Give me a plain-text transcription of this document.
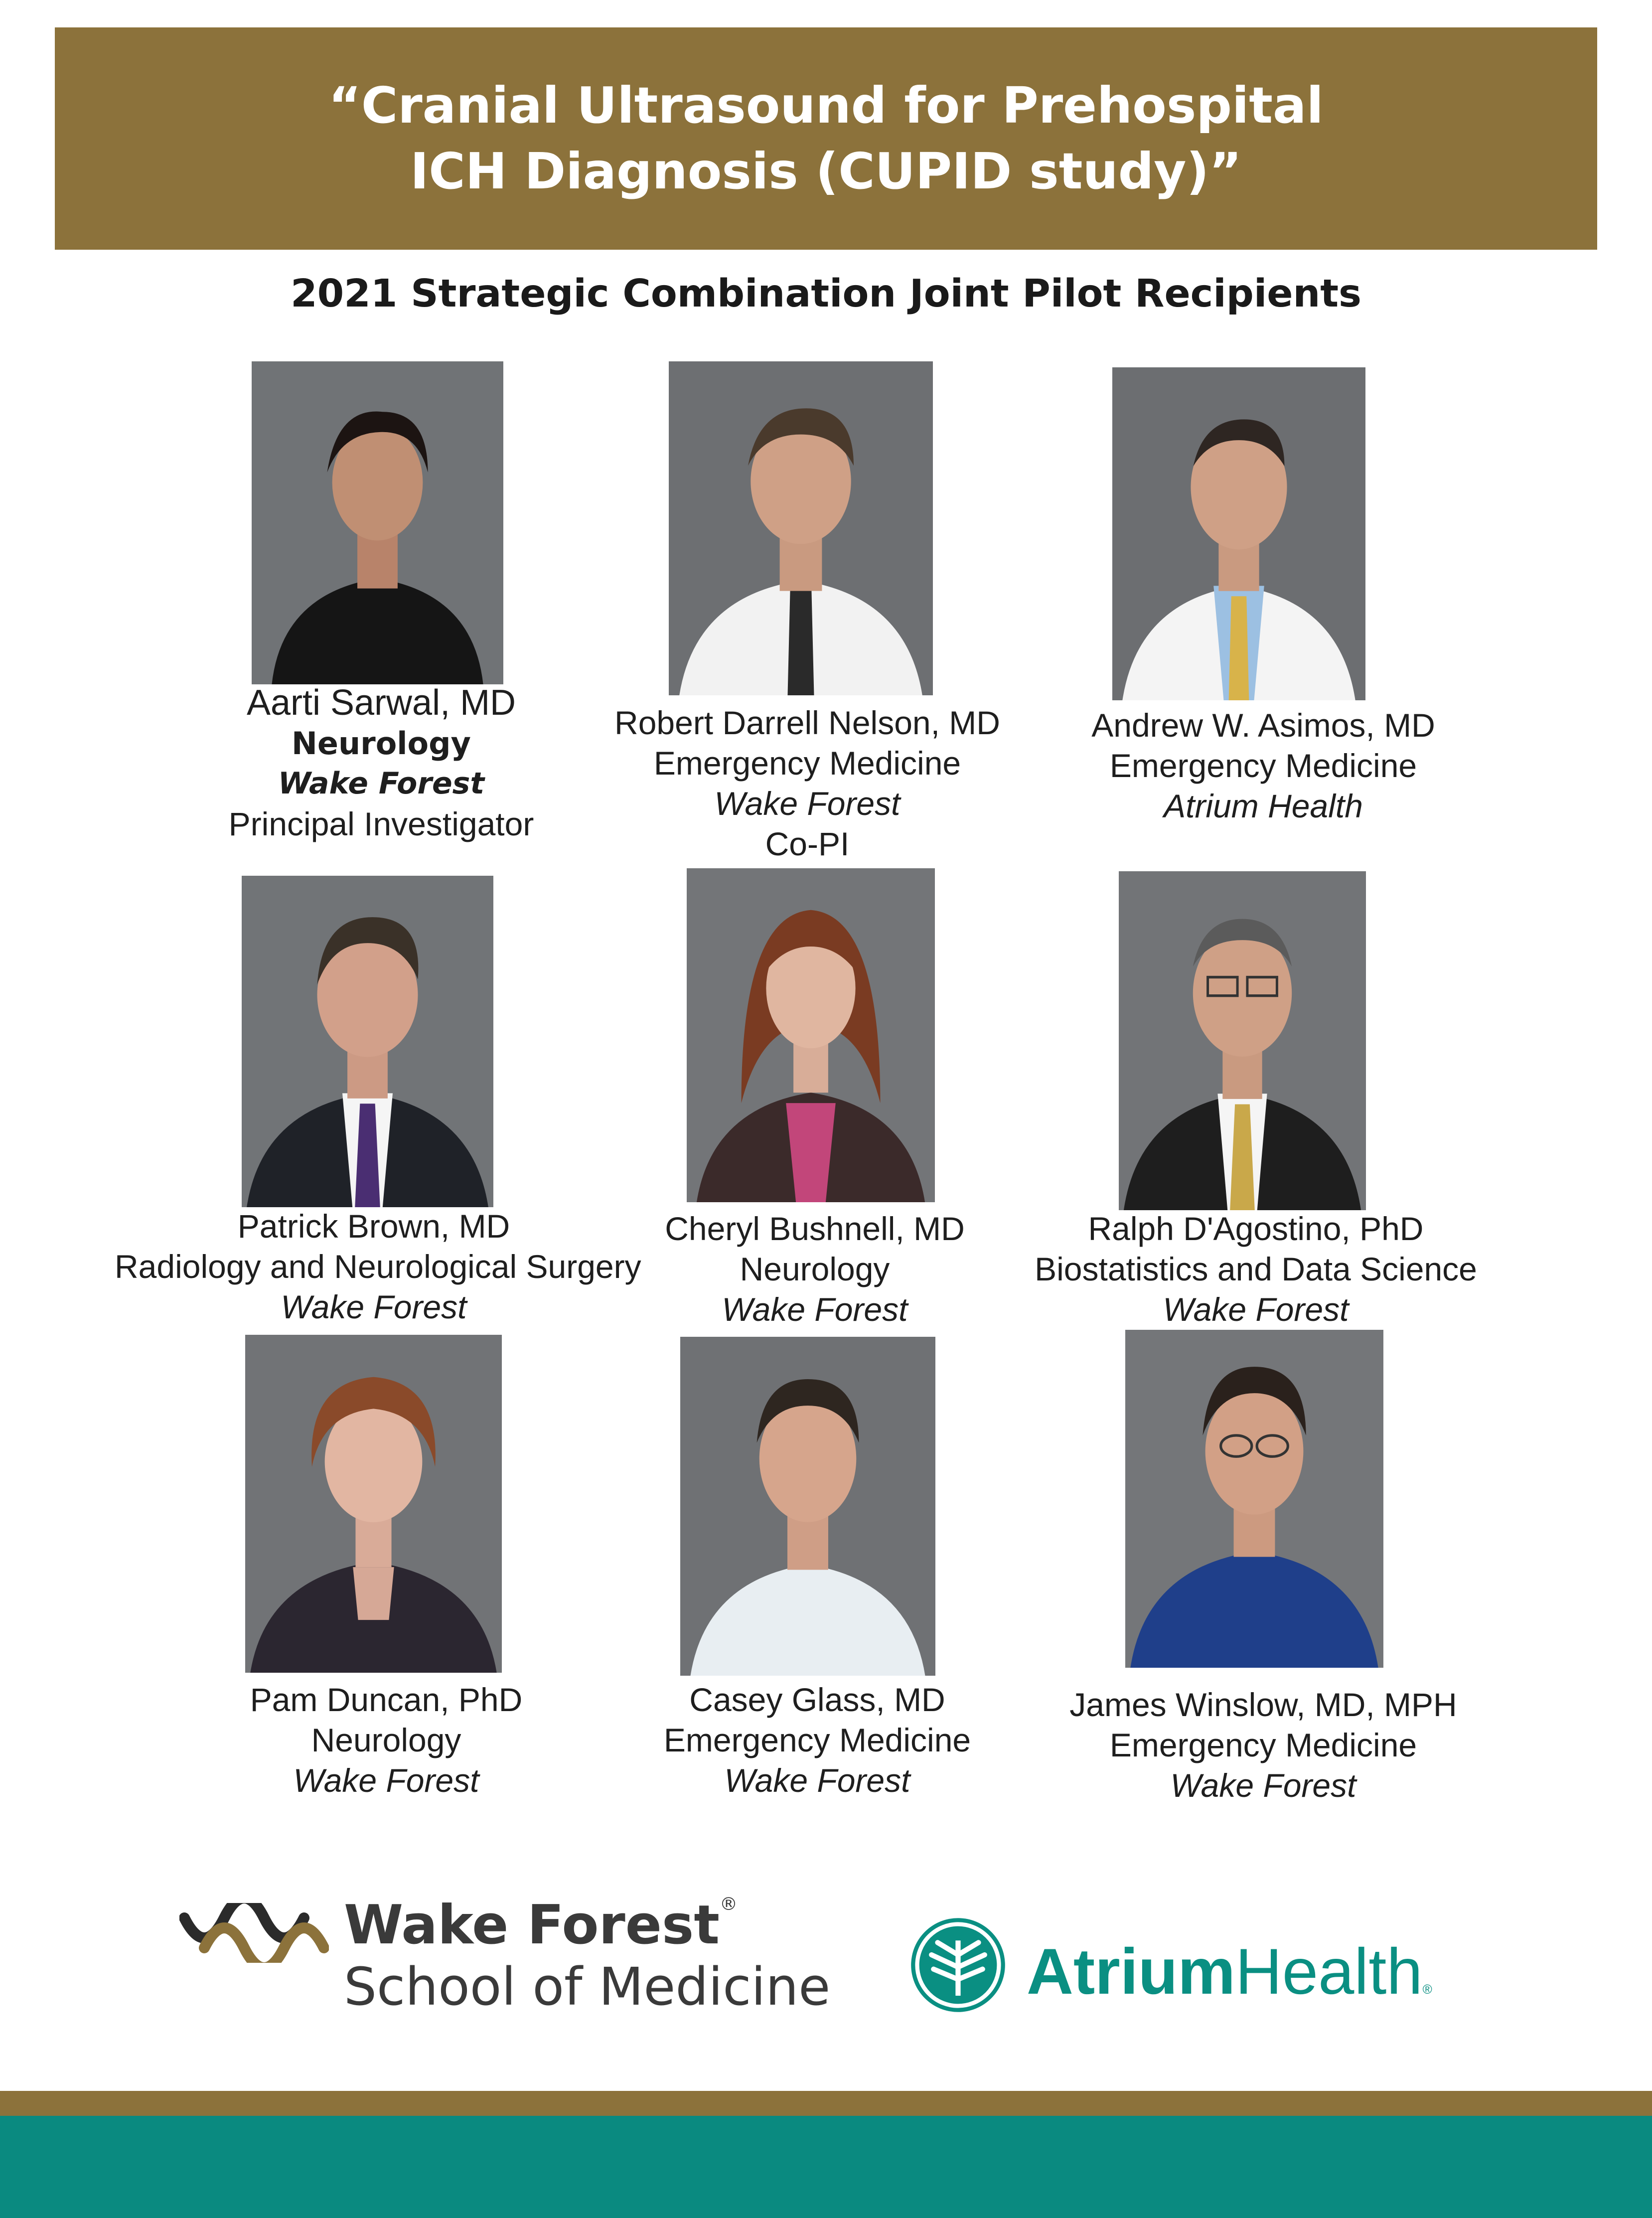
“Cranial Ultrasound for Prehospital
ICH Diagnosis (CUPID study)”
2021 Strategic Combination Joint Pilot Recipients
Aarti Sarwal, MD
Neurology
Wake Forest
Principal Investigator
Robert Darrell Nelson, MD
Emergency Medicine
Wake Forest
Co-PI
Andrew W. Asimos, MD
Emergency Medicine
Atrium Health
Patrick Brown, MD
Radiology and Neurological Surgery
Wake Forest
Cheryl Bushnell, MD
Neurology
Wake Forest
Ralph D'Agostino, PhD
Biostatistics and Data Science
Wake Forest
Pam Duncan, PhD
Neurology
Wake Forest
Casey Glass, MD
Emergency Medicine
Wake Forest
James Winslow, MD, MPH
Emergency Medicine
Wake Forest
Wake Forest®
School of Medicine	AtriumHealth®
